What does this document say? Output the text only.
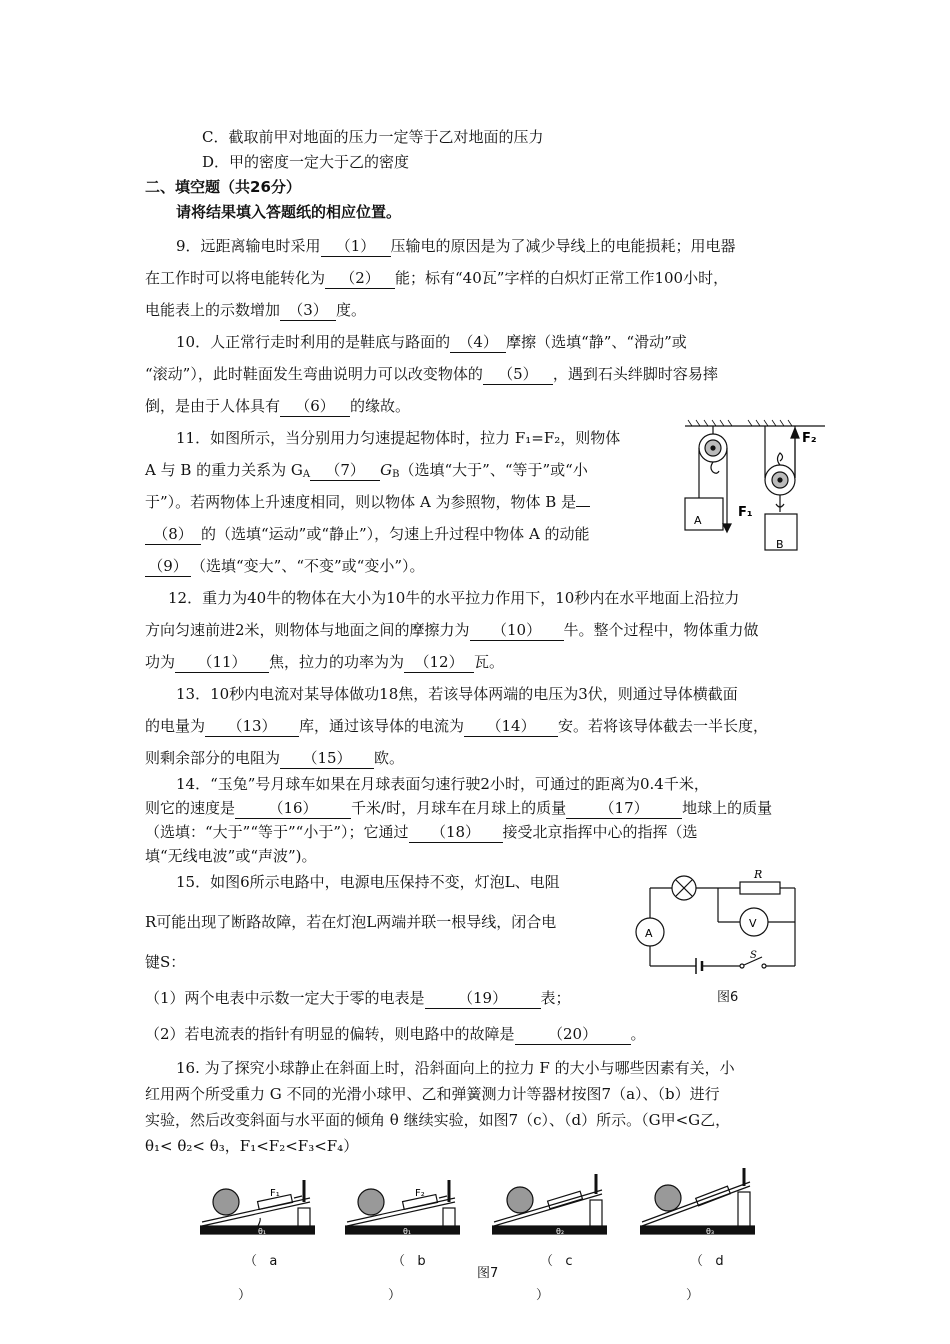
C．截取前甲对地面的压力一定等于乙对地面的压力
D．甲的密度一定大于乙的密度
二、填空题（共26分）
请将结果填入答题纸的相应位置。
9．远距离输电时采用 （1） 压输电的原因是为了减少导线上的电能损耗；用电器
在工作时可以将电能转化为 （2） 能；标有“40瓦”字样的白炽灯正常工作100小时，
电能表上的示数增加 （3） 度。
10．人正常行走时利用的是鞋底与路面的 （4） 摩擦（选填“静”、“滑动”或
“滚动”），此时鞋面发生弯曲说明力可以改变物体的 （5） ，遇到石头绊脚时容易摔
倒，是由于人体具有 （6） 的缘故。
11．如图所示，当分别用力匀速提起物体时，拉力 F₁=F₂，则物体
A 与 B 的重力关系为 $G_A$ （7） $G_B$（选填“大于”、“等于”或“小
于”）。若两物体上升速度相同，则以物体 A 为参照物，物体 B 是
（8） 的（选填“运动”或“静止”），匀速上升过程中物体 A 的动能
（9） （选填“变大”、“不变”或“变小”）。
F₁
F₂
A
B
12．重力为40牛的物体在大小为10牛的水平拉力作用下，10秒内在水平地面上沿拉力
方向匀速前进2米，则物体与地面之间的摩擦力为 （10） 牛。整个过程中，物体重力做
功为 （11） 焦，拉力的功率为为 （12） 瓦。
13．10秒内电流对某导体做功18焦，若该导体两端的电压为3伏，则通过导体横截面
的电量为 （13） 库，通过该导体的电流为 （14） 安。若将该导体截去一半长度，
则剩余部分的电阻为 （15） 欧。
14．“玉兔”号月球车如果在月球表面匀速行驶2小时，可通过的距离为0.4千米，
则它的速度是 （16） 千米/时，月球车在月球上的质量 （17） 地球上的质量
（选填：“大于”“等于”“小于”）；它通过 （18） 接受北京指挥中心的指挥（选
填“无线电波”或“声波”)。
15．如图6所示电路中，电源电压保持不变，灯泡L、电阻
R可能出现了断路故障，若在灯泡L两端并联一根导线，闭合电
键S：
（1）两个电表中示数一定大于零的电表是 （19） 表；
（2）若电流表的指针有明显的偏转，则电路中的故障是 （20） 。
R
A
V
S
图6
16. 为了探究小球静止在斜面上时，沿斜面向上的拉力 F 的大小与哪些因素有关，小
红用两个所受重力 G 不同的光滑小球甲、乙和弹簧测力计等器材按图7（a）、（b）进行
实验，然后改变斜面与水平面的倾角 θ 继续实验，如图7（c）、（d）所示。（G甲<G乙，
θ₁< θ₂< θ₃，F₁<F₂<F₃<F₄）
F₁
θ₁
F₂
θ₁	θ₂	θ₃
（ a
）
（ b
）
（ c
）
（ d
）
图7
